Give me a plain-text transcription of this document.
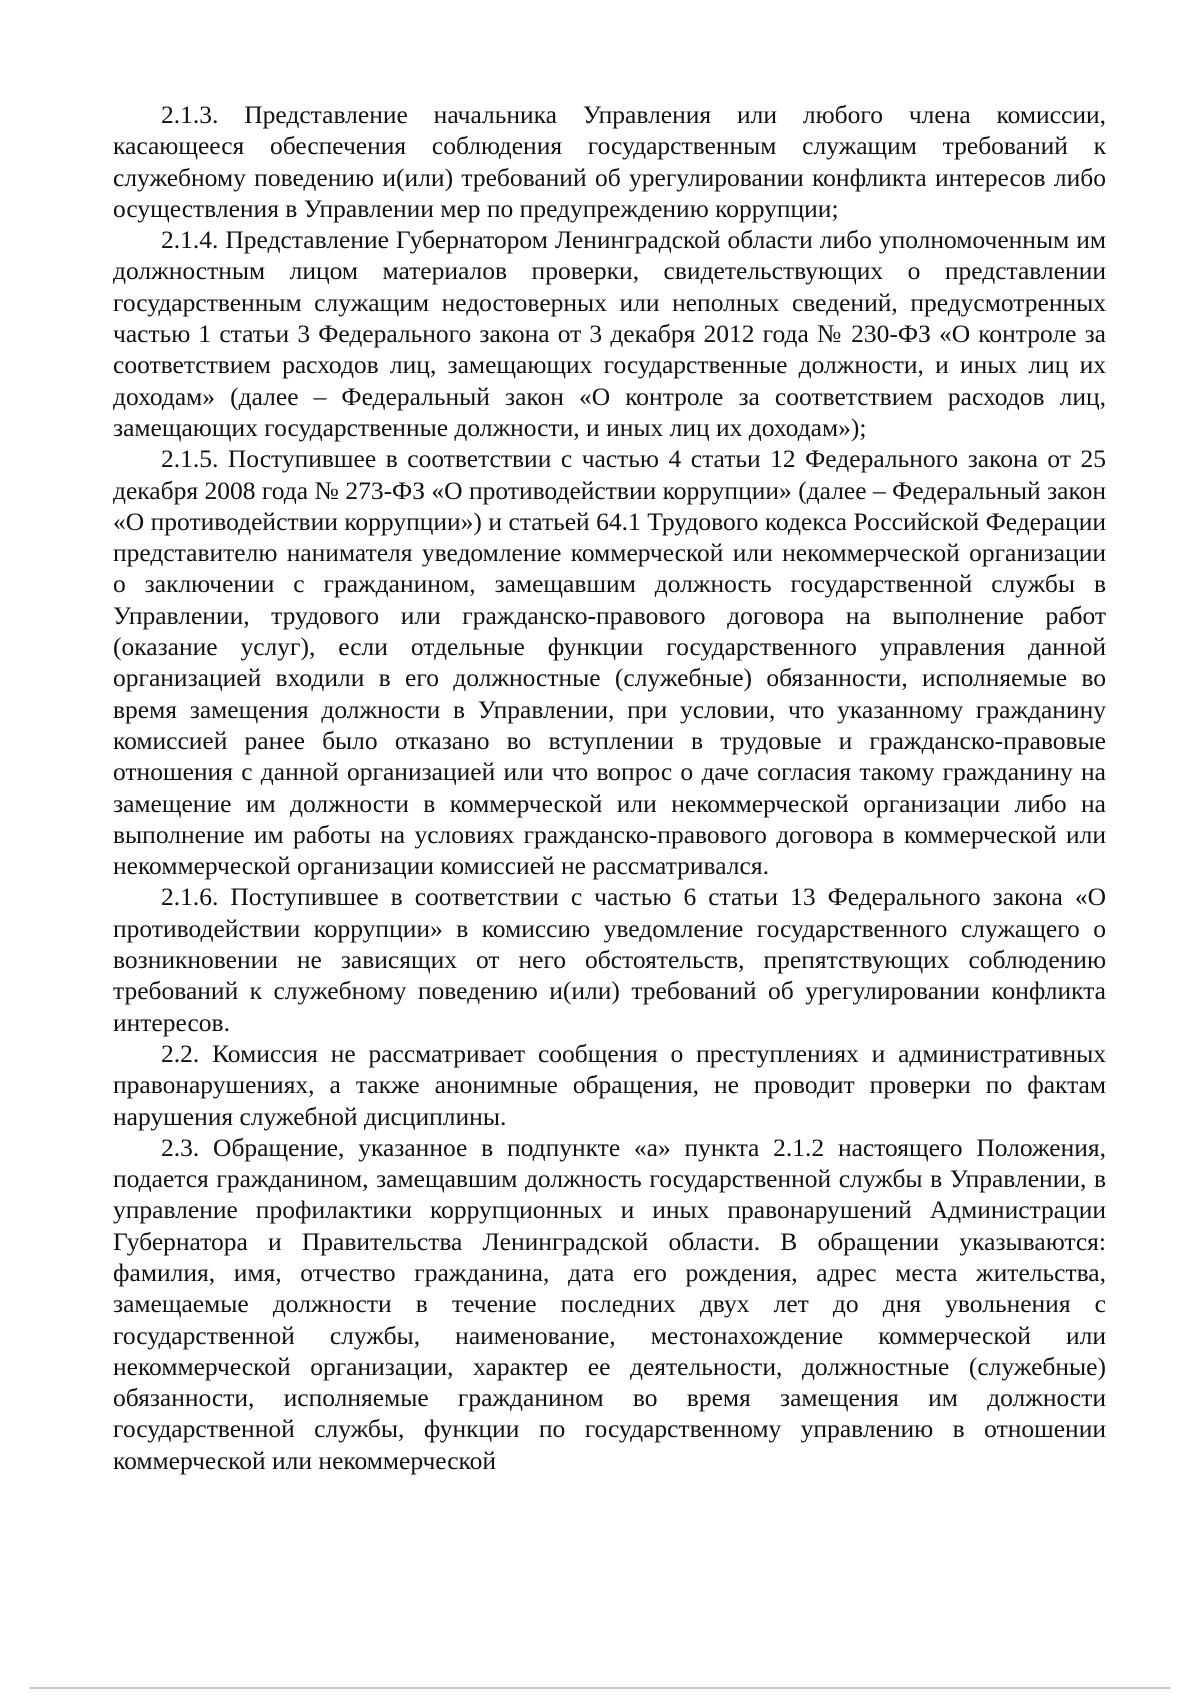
2.1.3. Представление начальника Управления или любого члена комиссии, касающееся обеспечения соблюдения государственным служащим требований к служебному поведению и(или) требований об урегулировании конфликта интересов либо осуществления в Управлении мер по предупреждению коррупции;

2.1.4. Представление Губернатором Ленинградской области либо уполномоченным им должностным лицом материалов проверки, свидетельствующих о представлении государственным служащим недостоверных или неполных сведений, предусмотренных частью 1 статьи 3 Федерального закона от 3 декабря 2012 года № 230-ФЗ «О контроле за соответствием расходов лиц, замещающих государственные должности, и иных лиц их доходам» (далее – Федеральный закон «О контроле за соответствием расходов лиц, замещающих государственные должности, и иных лиц их доходам»);

2.1.5. Поступившее в соответствии с частью 4 статьи 12 Федерального закона от 25 декабря 2008 года № 273-ФЗ «О противодействии коррупции» (далее – Федеральный закон «О противодействии коррупции») и статьей 64.1 Трудового кодекса Российской Федерации представителю нанимателя уведомление коммерческой или некоммерческой организации о заключении с гражданином, замещавшим должность государственной службы в Управлении, трудового или гражданско-правового договора на выполнение работ (оказание услуг), если отдельные функции государственного управления данной организацией входили в его должностные (служебные) обязанности, исполняемые во время замещения должности в Управлении, при условии, что указанному гражданину комиссией ранее было отказано во вступлении в трудовые и гражданско-правовые отношения с данной организацией или что вопрос о даче согласия такому гражданину на замещение им должности в коммерческой или некоммерческой организации либо на выполнение им работы на условиях гражданско-правового договора в коммерческой или некоммерческой организации комиссией не рассматривался.

2.1.6. Поступившее в соответствии с частью 6 статьи 13 Федерального закона «О противодействии коррупции» в комиссию уведомление государственного служащего о возникновении не зависящих от него обстоятельств, препятствующих соблюдению требований к служебному поведению и(или) требований об урегулировании конфликта интересов.

2.2. Комиссия не рассматривает сообщения о преступлениях и административных правонарушениях, а также анонимные обращения, не проводит проверки по фактам нарушения служебной дисциплины.

2.3. Обращение, указанное в подпункте «а» пункта 2.1.2 настоящего Положения, подается гражданином, замещавшим должность государственной службы в Управлении, в управление профилактики коррупционных и иных правонарушений Администрации Губернатора и Правительства Ленинградской области. В обращении указываются: фамилия, имя, отчество гражданина, дата его рождения, адрес места жительства, замещаемые должности в течение последних двух лет до дня увольнения с государственной службы, наименование, местонахождение коммерческой или некоммерческой организации, характер ее деятельности, должностные (служебные) обязанности, исполняемые гражданином во время замещения им должности государственной службы, функции по государственному управлению в отношении коммерческой или некоммерческой
